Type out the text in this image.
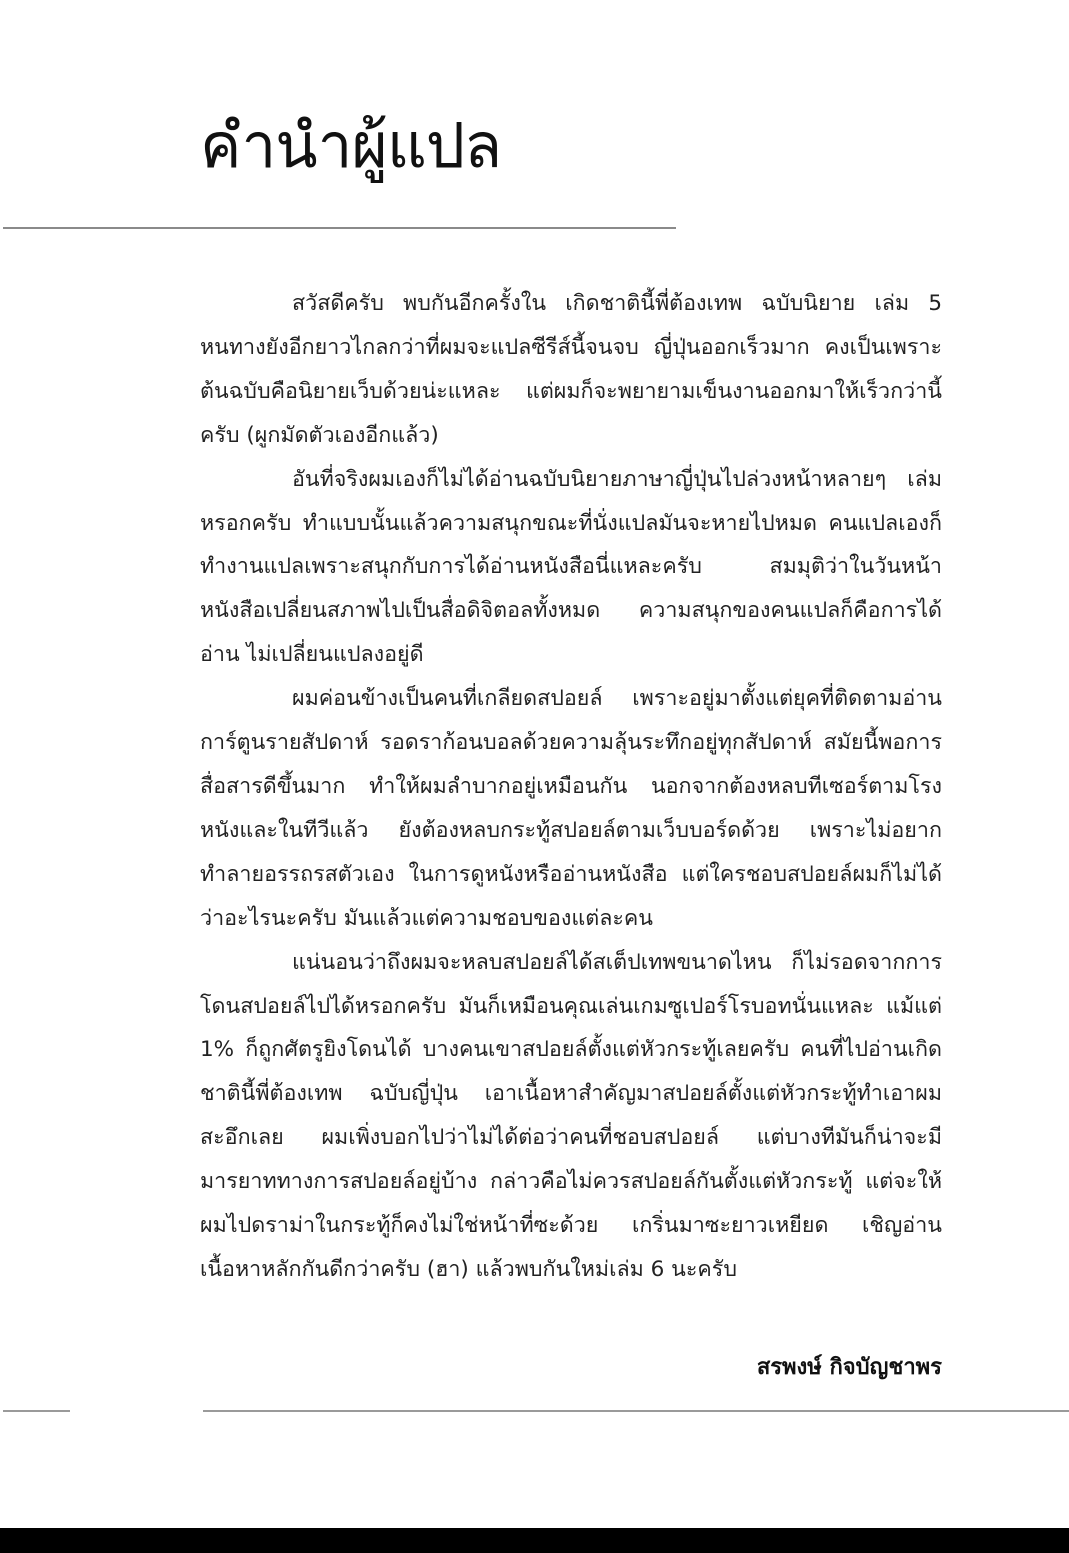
คำนำผู้แปล

สวัสดีครับ พบกันอีกครั้งใน เกิดชาตินี้พี่ต้องเทพ ฉบับนิยาย เล่ม 5 หนทางยังอีกยาวไกลกว่าที่ผมจะแปลซีรีส์นี้จนจบ ญี่ปุ่นออกเร็วมาก คงเป็นเพราะต้นฉบับคือนิยายเว็บด้วยน่ะแหละ แต่ผมก็จะพยายามเข็นงานออกมาให้เร็วกว่านี้ครับ (ผูกมัดตัวเองอีกแล้ว)

อันที่จริงผมเองก็ไม่ได้อ่านฉบับนิยายภาษาญี่ปุ่นไปล่วงหน้าหลายๆ เล่มหรอกครับ ทำแบบนั้นแล้วความสนุกขณะที่นั่งแปลมันจะหายไปหมด คนแปลเองก็ทำงานแปลเพราะสนุกกับการได้อ่านหนังสือนี่แหละครับ สมมุติว่าในวันหน้าหนังสือเปลี่ยนสภาพไปเป็นสื่อดิจิตอลทั้งหมด ความสนุกของคนแปลก็คือการได้อ่าน ไม่เปลี่ยนแปลงอยู่ดี

ผมค่อนข้างเป็นคนที่เกลียดสปอยล์ เพราะอยู่มาตั้งแต่ยุคที่ติดตามอ่านการ์ตูนรายสัปดาห์ รอดราก้อนบอลด้วยความลุ้นระทึกอยู่ทุกสัปดาห์ สมัยนี้พอการสื่อสารดีขึ้นมาก ทำให้ผมลำบากอยู่เหมือนกัน นอกจากต้องหลบทีเซอร์ตามโรงหนังและในทีวีแล้ว ยังต้องหลบกระทู้สปอยล์ตามเว็บบอร์ดด้วย เพราะไม่อยากทำลายอรรถรสตัวเอง ในการดูหนังหรืออ่านหนังสือ แต่ใครชอบสปอยล์ผมก็ไม่ได้ว่าอะไรนะครับ มันแล้วแต่ความชอบของแต่ละคน

แน่นอนว่าถึงผมจะหลบสปอยล์ได้สเต็ปเทพขนาดไหน ก็ไม่รอดจากการโดนสปอยล์ไปได้หรอกครับ มันก็เหมือนคุณเล่นเกมซูเปอร์โรบอทนั่นแหละ แม้แต่ 1% ก็ถูกศัตรูยิงโดนได้ บางคนเขาสปอยล์ตั้งแต่หัวกระทู้เลยครับ คนที่ไปอ่านเกิดชาตินี้พี่ต้องเทพ ฉบับญี่ปุ่น เอาเนื้อหาสำคัญมาสปอยล์ตั้งแต่หัวกระทู้ทำเอาผมสะอึกเลย ผมเพิ่งบอกไปว่าไม่ได้ต่อว่าคนที่ชอบสปอยล์ แต่บางทีมันก็น่าจะมีมารยาททางการสปอยล์อยู่บ้าง กล่าวคือไม่ควรสปอยล์กันตั้งแต่หัวกระทู้ แต่จะให้ผมไปดราม่าในกระทู้ก็คงไม่ใช่หน้าที่ซะด้วย เกริ่นมาซะยาวเหยียด เชิญอ่านเนื้อหาหลักกันดีกว่าครับ (ฮา) แล้วพบกันใหม่เล่ม 6 นะครับ

สรพงษ์ กิจบัญชาพร
